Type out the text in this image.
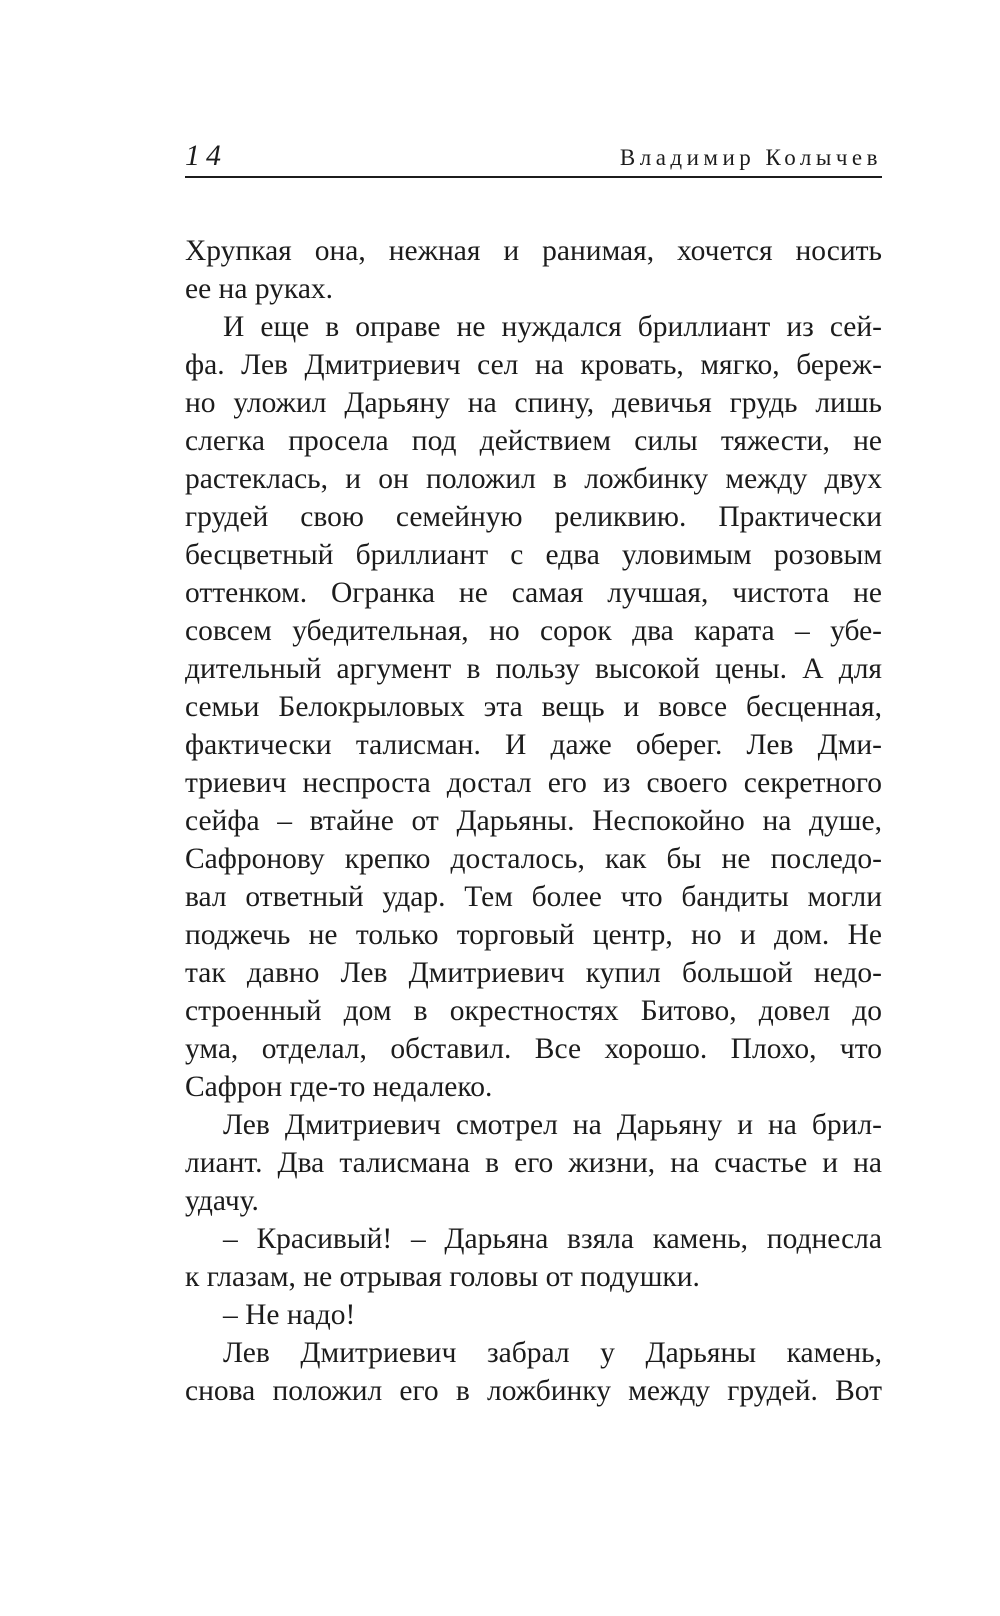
14	Владимир Колычев
Хрупкая она, нежная и ранимая, хочется носить
ее на руках.
И еще в оправе не нуждался бриллиант из сей-
фа. Лев Дмитриевич сел на кровать, мягко, береж-
но уложил Дарьяну на спину, девичья грудь лишь
слегка просела под действием силы тяжести, не
растеклась, и он положил в ложбинку между двух
грудей свою семейную реликвию. Практически
бесцветный бриллиант с едва уловимым розовым
оттенком. Огранка не самая лучшая, чистота не
совсем убедительная, но сорок два карата – убе-
дительный аргумент в пользу высокой цены. А для
семьи Белокрыловых эта вещь и вовсе бесценная,
фактически талисман. И даже оберег. Лев Дми-
триевич неспроста достал его из своего секретного
сейфа – втайне от Дарьяны. Неспокойно на душе,
Сафронову крепко досталось, как бы не последо-
вал ответный удар. Тем более что бандиты могли
поджечь не только торговый центр, но и дом. Не
так давно Лев Дмитриевич купил большой недо-
строенный дом в окрестностях Битово, довел до
ума, отделал, обставил. Все хорошо. Плохо, что
Сафрон где-то недалеко.
Лев Дмитриевич смотрел на Дарьяну и на брил-
лиант. Два талисмана в его жизни, на счастье и на
удачу.
– Красивый! – Дарьяна взяла камень, поднесла
к глазам, не отрывая головы от подушки.
– Не надо!
Лев Дмитриевич забрал у Дарьяны камень,
снова положил его в ложбинку между грудей. Вот
